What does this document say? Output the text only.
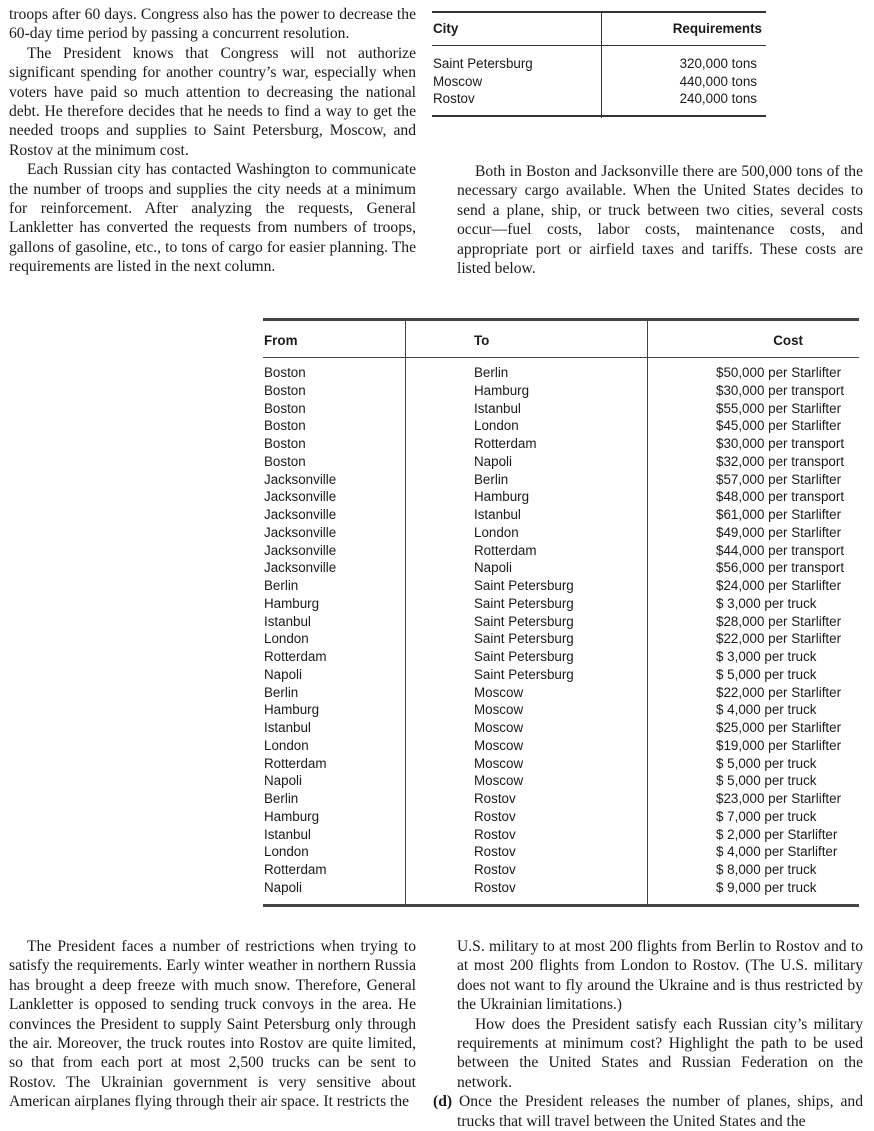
troops after 60 days. Congress also has the power to decrease the 60-day time period by passing a concurrent resolution.

The President knows that Congress will not authorize significant spending for another country’s war, especially when voters have paid so much attention to decreasing the national debt. He therefore decides that he needs to find a way to get the needed troops and supplies to Saint Petersburg, Moscow, and Rostov at the minimum cost.

Each Russian city has contacted Washington to communicate the number of troops and supplies the city needs at a minimum for reinforcement. After analyzing the requests, General Lankletter has converted the requests from numbers of troops, gallons of gasoline, etc., to tons of cargo for easier planning. The requirements are listed in the next column.

City	Requirements
Saint Petersburg	320,000 tons
Moscow	440,000 tons
Rostov	240,000 tons

Both in Boston and Jacksonville there are 500,000 tons of the necessary cargo available. When the United States decides to send a plane, ship, or truck between two cities, several costs occur—fuel costs, labor costs, maintenance costs, and appropriate port or airfield taxes and tariffs. These costs are listed below.

From	To	Cost
Boston	Berlin	$50,000 per Starlifter
Boston	Hamburg	$30,000 per transport
Boston	Istanbul	$55,000 per Starlifter
Boston	London	$45,000 per Starlifter
Boston	Rotterdam	$30,000 per transport
Boston	Napoli	$32,000 per transport
Jacksonville	Berlin	$57,000 per Starlifter
Jacksonville	Hamburg	$48,000 per transport
Jacksonville	Istanbul	$61,000 per Starlifter
Jacksonville	London	$49,000 per Starlifter
Jacksonville	Rotterdam	$44,000 per transport
Jacksonville	Napoli	$56,000 per transport
Berlin	Saint Petersburg	$24,000 per Starlifter
Hamburg	Saint Petersburg	$ 3,000 per truck
Istanbul	Saint Petersburg	$28,000 per Starlifter
London	Saint Petersburg	$22,000 per Starlifter
Rotterdam	Saint Petersburg	$ 3,000 per truck
Napoli	Saint Petersburg	$ 5,000 per truck
Berlin	Moscow	$22,000 per Starlifter
Hamburg	Moscow	$ 4,000 per truck
Istanbul	Moscow	$25,000 per Starlifter
London	Moscow	$19,000 per Starlifter
Rotterdam	Moscow	$ 5,000 per truck
Napoli	Moscow	$ 5,000 per truck
Berlin	Rostov	$23,000 per Starlifter
Hamburg	Rostov	$ 7,000 per truck
Istanbul	Rostov	$ 2,000 per Starlifter
London	Rostov	$ 4,000 per Starlifter
Rotterdam	Rostov	$ 8,000 per truck
Napoli	Rostov	$ 9,000 per truck

The President faces a number of restrictions when trying to satisfy the requirements. Early winter weather in northern Russia has brought a deep freeze with much snow. Therefore, General Lankletter is opposed to sending truck convoys in the area. He convinces the President to supply Saint Petersburg only through the air. Moreover, the truck routes into Rostov are quite limited, so that from each port at most 2,500 trucks can be sent to Rostov. The Ukrainian government is very sensitive about American airplanes flying through their air space. It restricts the

U.S. military to at most 200 flights from Berlin to Rostov and to at most 200 flights from London to Rostov. (The U.S. military does not want to fly around the Ukraine and is thus restricted by the Ukrainian limitations.)

How does the President satisfy each Russian city’s military requirements at minimum cost? Highlight the path to be used between the United States and Russian Federation on the network.

(d) Once the President releases the number of planes, ships, and trucks that will travel between the United States and the
